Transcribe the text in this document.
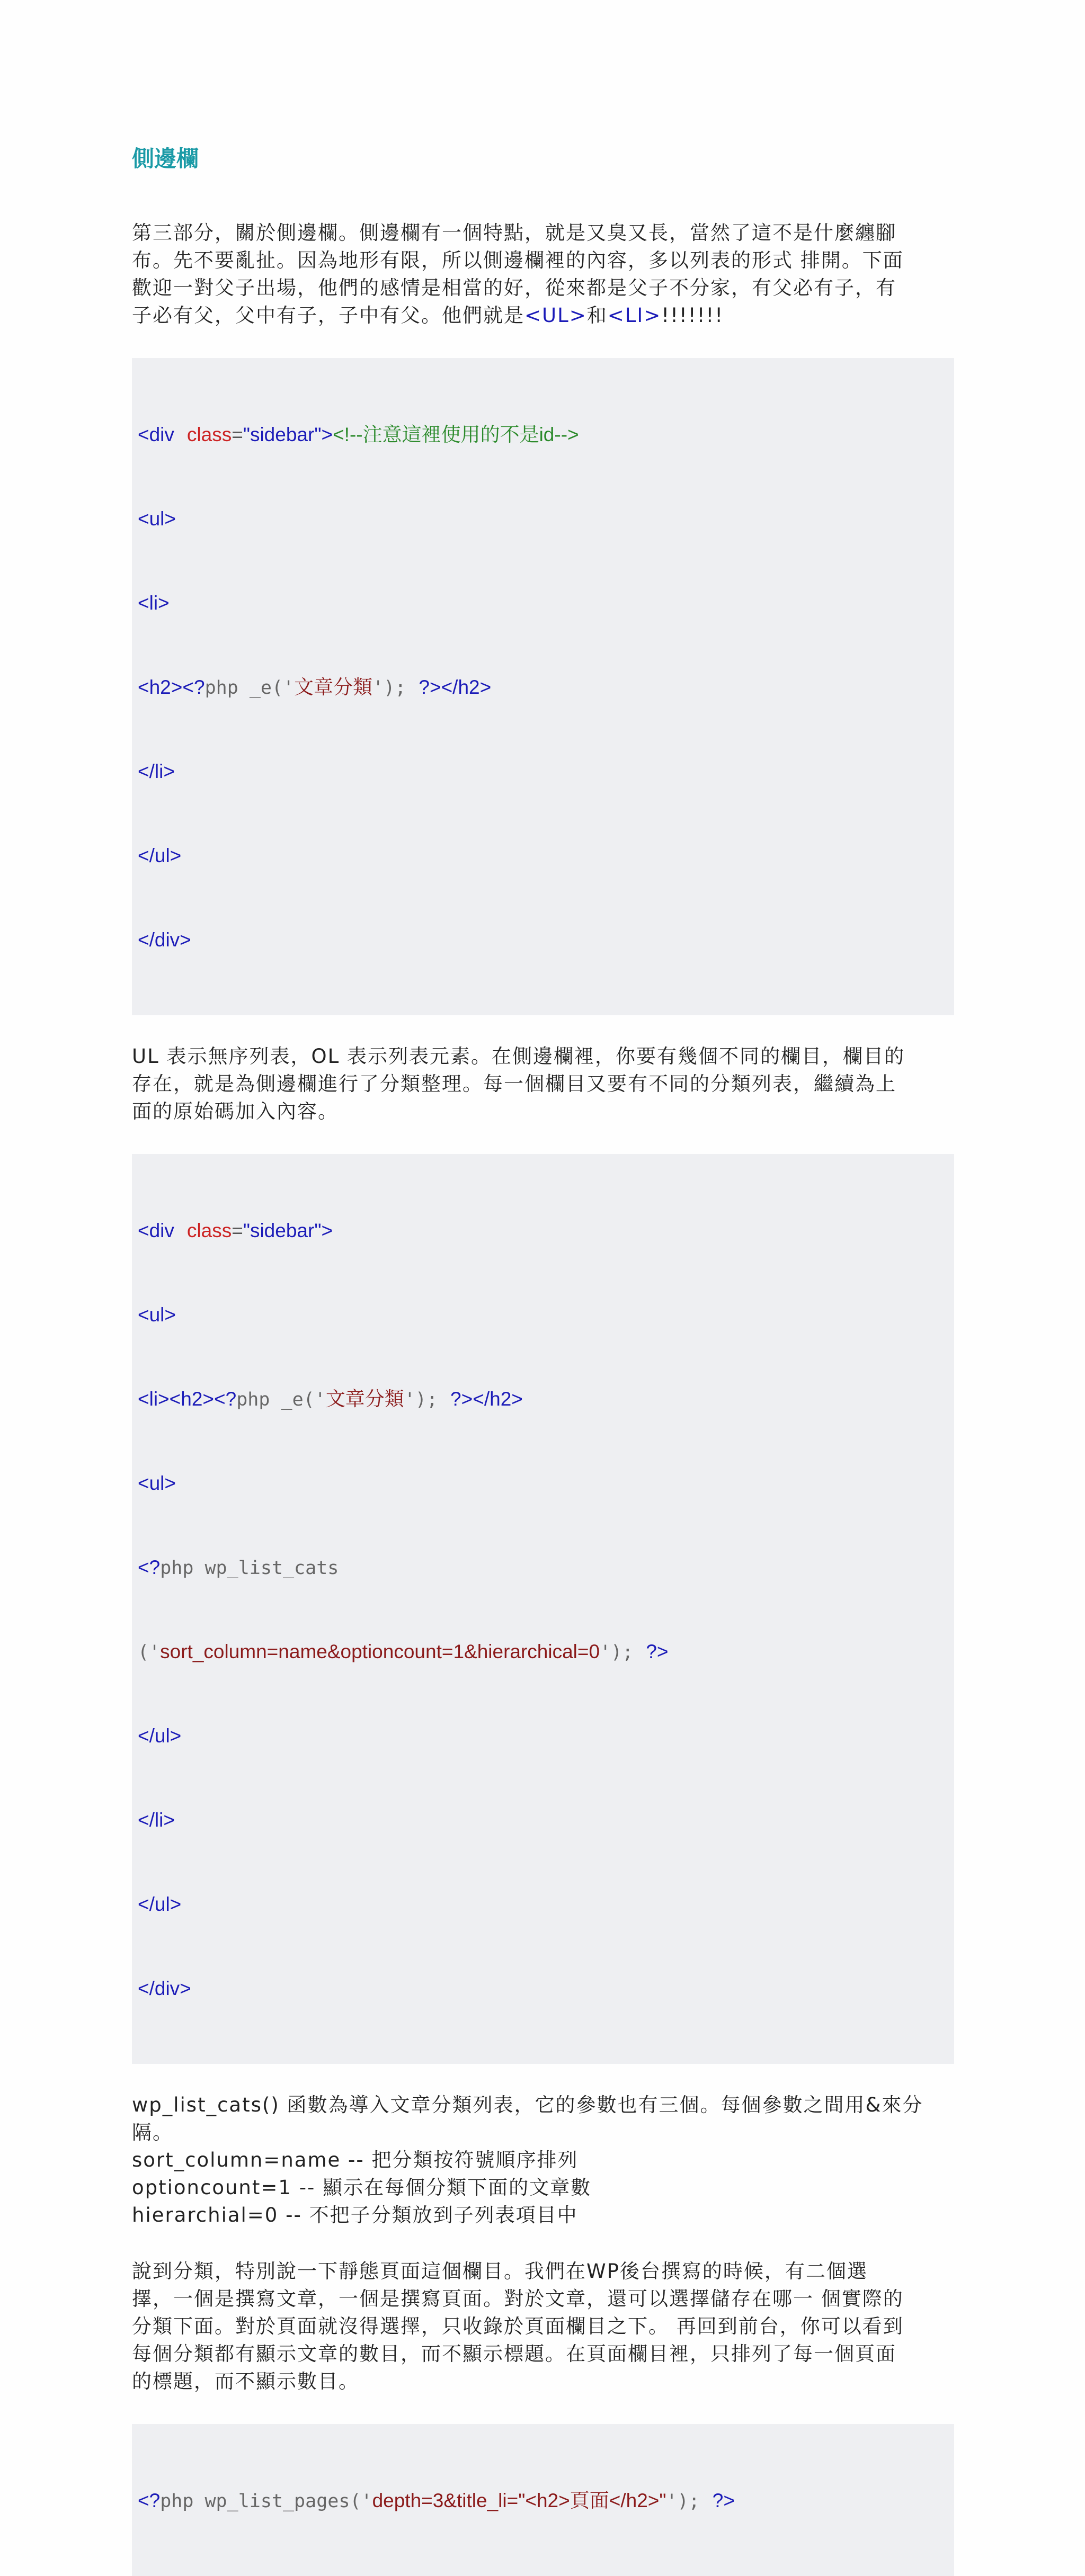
側邊欄

第三部分，關於側邊欄。側邊欄有一個特點，就是又臭又長，當然了這不是什麼纏腳
布。先不要亂扯。因為地形有限，所以側邊欄裡的內容，多以列表的形式 排開。下面
歡迎一對父子出場，他們的感情是相當的好，從來都是父子不分家，有父必有子，有
子必有父，父中有子，子中有父。他們就是<UL>和<LI>!!!!!!!

<div class="sidebar"><!--注意這裡使用的不是id-->

<ul>

<li>

<h2><?php _e('文章分類'); ?></h2>

</li>

</ul>

</div>

UL 表示無序列表，OL 表示列表元素。在側邊欄裡，你要有幾個不同的欄目，欄目的
存在，就是為側邊欄進行了分類整理。每一個欄目又要有不同的分類列表，繼續為上
面的原始碼加入內容。

<div class="sidebar">

<ul>

<li><h2><?php _e('文章分類'); ?></h2>

<ul>

<?php wp_list_cats

('sort_column=name&optioncount=1&hierarchical=0'); ?>

</ul>

</li>

</ul>

</div>

wp_list_cats() 函數為導入文章分類列表，它的參數也有三個。每個參數之間用&來分
隔。
sort_column=name -- 把分類按符號順序排列
optioncount=1 -- 顯示在每個分類下面的文章數
hierarchial=0 -- 不把子分類放到子列表項目中

說到分類，特別說一下靜態頁面這個欄目。我們在WP後台撰寫的時候，有二個選
擇，一個是撰寫文章，一個是撰寫頁面。對於文章，還可以選擇儲存在哪一 個實際的
分類下面。對於頁面就沒得選擇，只收錄於頁面欄目之下。 再回到前台，你可以看到
每個分類都有顯示文章的數目，而不顯示標題。在頁面欄目裡，只排列了每一個頁面
的標題，而不顯示數目。

<?php wp_list_pages('depth=3&title_li="<h2>頁面</h2>"'); ?>
